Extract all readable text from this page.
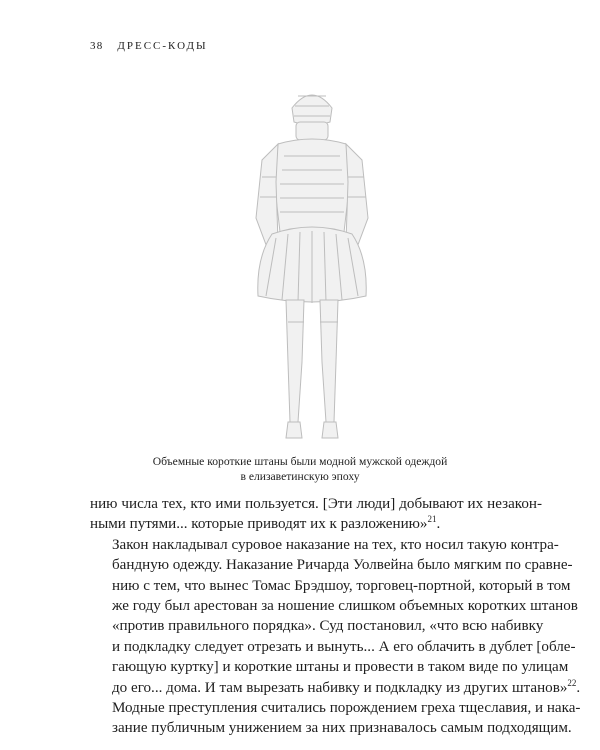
38 ДРЕСС-КОДЫ
Объемные короткие штаны были модной мужской одеждой
в елизаветинскую эпоху

нию числа тех, кто ими пользуется. [Эти люди] добывают их незакон-
ными путями... которые приводят их к разложению»$^{21}$.

Закон накладывал суровое наказание на тех, кто носил такую контра-
бандную одежду. Наказание Ричарда Уолвейна было мягким по сравне-
нию с тем, что вынес Томас Брэдшоу, торговец-портной, который в том
же году был арестован за ношение слишком объемных коротких штанов
«против правильного порядка». Суд постановил, «что всю набивку
и подкладку следует отрезать и вынуть... А его облачить в дублет [обле-
гающую куртку] и короткие штаны и провести в таком виде по улицам
до его... дома. И там вырезать набивку и подкладку из других штанов»$^{22}$.
Модные преступления считались порождением греха тщеславия, и нака-
зание публичным унижением за них признавалось самым подходящим.
